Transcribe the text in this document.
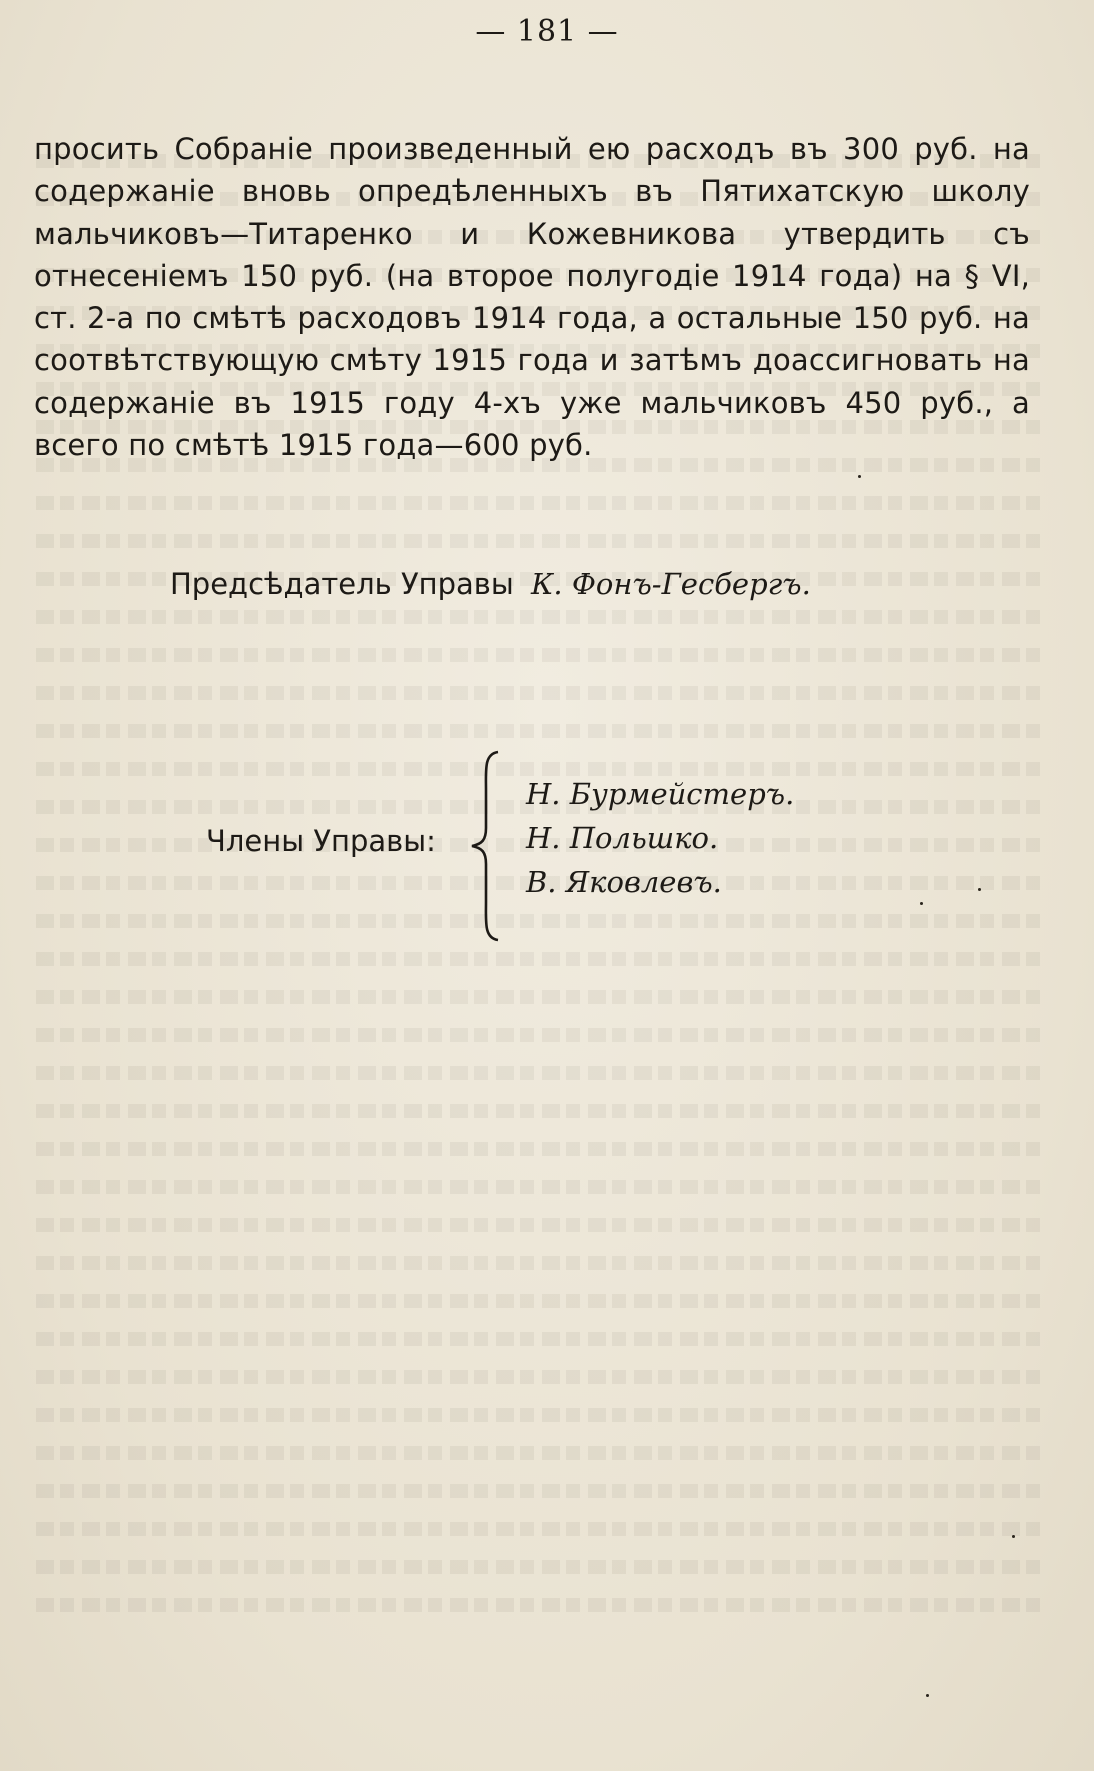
— 181 —
просить Собраніе произведенный ею расходъ въ 300 руб. на содержаніе вновь опредѣленныхъ въ Пятихатскую школу мальчиковъ—Титаренко и Кожевникова утвердить съ отнесеніемъ 150 руб. (на второе полугодіе 1914 года) на § VI, ст. 2-а по смѣтѣ расходовъ 1914 года, а остальные 150 руб. на соотвѣтствующую смѣту 1915 года и затѣмъ доассигновать на содержаніе въ 1915 году 4-хъ уже мальчиковъ 450 руб., а всего по смѣтѣ 1915 года—600 руб.
Предсѣдатель Управы К. Фонъ-Гесбергъ.
Члены Управы:
Н. Бурмейстеръ.
Н. Польшко.
В. Яковлевъ.
